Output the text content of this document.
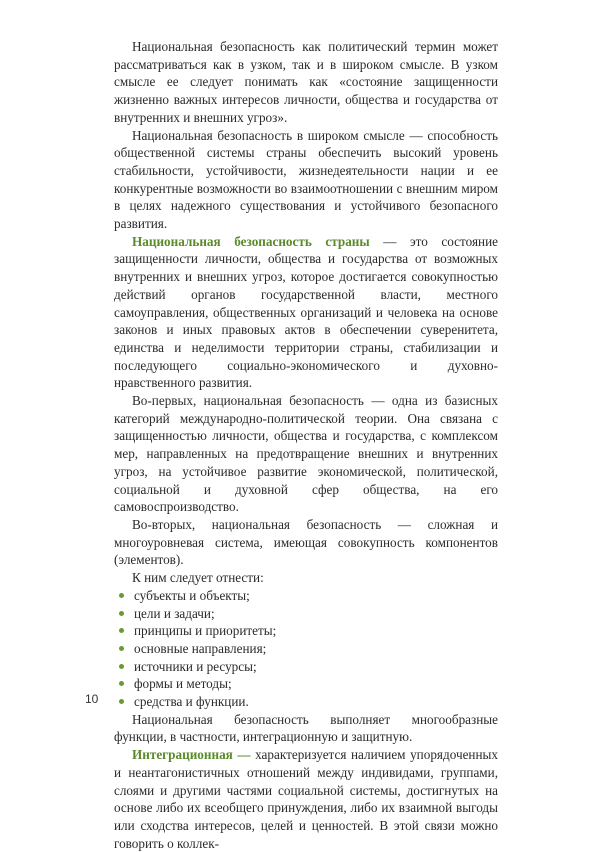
Национальная безопасность как политический термин может рассматриваться как в узком, так и в широком смысле. В узком смысле ее следует понимать как «состояние защищенности жизненно важных интересов личности, общества и государства от внутренних и внешних угроз».

Национальная безопасность в широком смысле — способность общественной системы страны обеспечить высокий уровень стабильности, устойчивости, жизнедеятельности нации и ее конкурентные возможности во взаимоотношении с внешним миром в целях надежного существования и устойчивого безопасного развития.

Национальная безопасность страны — это состояние защищенности личности, общества и государства от возможных внутренних и внешних угроз, которое достигается совокупностью действий органов государственной власти, местного самоуправления, общественных организаций и человека на основе законов и иных правовых актов в обеспечении суверенитета, единства и неделимости территории страны, стабилизации и последующего социально-экономического и духовно-нравственного развития.

Во-первых, национальная безопасность — одна из базисных категорий международно-политической теории. Она связана с защищенностью личности, общества и государства, с комплексом мер, направленных на предотвращение внешних и внутренних угроз, на устойчивое развитие экономической, политической, социальной и духовной сфер общества, на его самовоспроизводство.

Во-вторых, национальная безопасность — сложная и многоуровневая система, имеющая совокупность компонентов (элементов).

К ним следует отнести:

субъекты и объекты;
цели и задачи;
принципы и приоритеты;
основные направления;
источники и ресурсы;
формы и методы;
средства и функции.

Национальная безопасность выполняет многообразные функции, в частности, интеграционную и защитную.

Интеграционная — характеризуется наличием упорядоченных и неантагонистичных отношений между индивидами, группами, слоями и другими частями социальной системы, достигнутых на основе либо их всеобщего принуждения, либо их взаимной выгоды или сходства интересов, целей и ценностей. В этой связи можно говорить о коллек-

10
